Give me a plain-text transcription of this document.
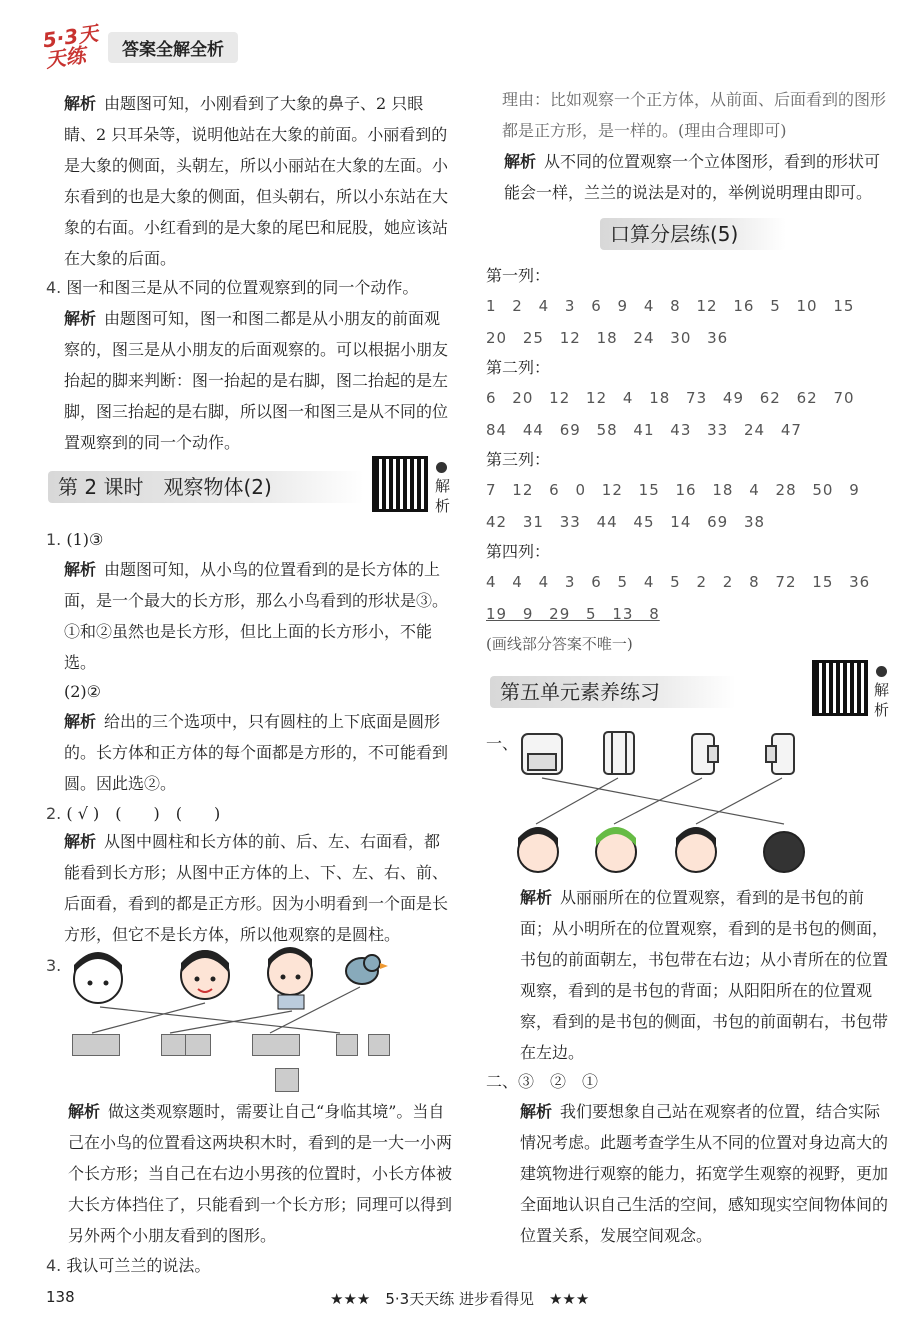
5·3天天练	答案全解全析

解析 由题图可知，小刚看到了大象的鼻子、2 只眼睛、2 只耳朵等，说明他站在大象的前面。小丽看到的是大象的侧面，头朝左，所以小丽站在大象的左面。小东看到的也是大象的侧面，但头朝右，所以小东站在大象的右面。小红看到的是大象的尾巴和屁股，她应该站在大象的后面。

4. 图一和图三是从不同的位置观察到的同一个动作。

解析 由题图可知，图一和图二都是从小朋友的前面观察的，图三是从小朋友的后面观察的。可以根据小朋友抬起的脚来判断：图一抬起的是右脚，图二抬起的是左脚，图三抬起的是右脚，所以图一和图三是从不同的位置观察到的同一个动作。

第 2 课时　观察物体(2)	解析

1. (1)③

解析 由题图可知，从小鸟的位置看到的是长方体的上面，是一个最大的长方形，那么小鸟看到的形状是③。①和②虽然也是长方形，但比上面的长方形小，不能选。

(2)②

解析 给出的三个选项中，只有圆柱的上下底面是圆形的。长方体和正方体的每个面都是方形的，不可能看到圆。因此选②。

2. ( √ )　(　　)　(　　)

解析 从图中圆柱和长方体的前、后、左、右面看，都能看到长方形；从图中正方体的上、下、左、右、前、后面看，看到的都是正方形。因为小明看到一个面是长方形，但它不是长方体，所以他观察的是圆柱。

3.

解析 做这类观察题时，需要让自己“身临其境”。当自己在小鸟的位置看这两块积木时，看到的是一大一小两个长方形；当自己在右边小男孩的位置时，小长方体被大长方体挡住了，只能看到一个长方形；同理可以得到另外两个小朋友看到的图形。

4. 我认可兰兰的说法。

理由：比如观察一个正方体，从前面、后面看到的图形都是正方形，是一样的。(理由合理即可)

解析 从不同的位置观察一个立体图形，看到的形状可能会一样，兰兰的说法是对的，举例说明理由即可。

口算分层练(5)
第一列：
1 2 4 3 6 9 4 8 12 16 5 10 15
20 25 12 18 24 30 36
第二列：
6 20 12 12 4 18 73 49 62 62 70
84 44 69 58 41 43 33 24 47
第三列：
7 12 6 0 12 15 16 18 4 28 50 9
42 31 33 44 45 14 69 38
第四列：
4 4 4 3 6 5 4 5 2 2 8 72 15 36
19 9 29 5 13 8
(画线部分答案不唯一)
第五单元素养练习	解析

一、

解析 从丽丽所在的位置观察，看到的是书包的前面；从小明所在的位置观察，看到的是书包的侧面，书包的前面朝左，书包带在右边；从小青所在的位置观察，看到的是书包的背面；从阳阳所在的位置观察，看到的是书包的侧面，书包的前面朝右，书包带在左边。

二、③　②　①

解析 我们要想象自己站在观察者的位置，结合实际情况考虑。此题考查学生从不同的位置对身边高大的建筑物进行观察的能力，拓宽学生观察的视野，更加全面地认识自己生活的空间，感知现实空间物体间的位置关系，发展空间观念。

138	★★★　5·3天天练 进步看得见　★★★
